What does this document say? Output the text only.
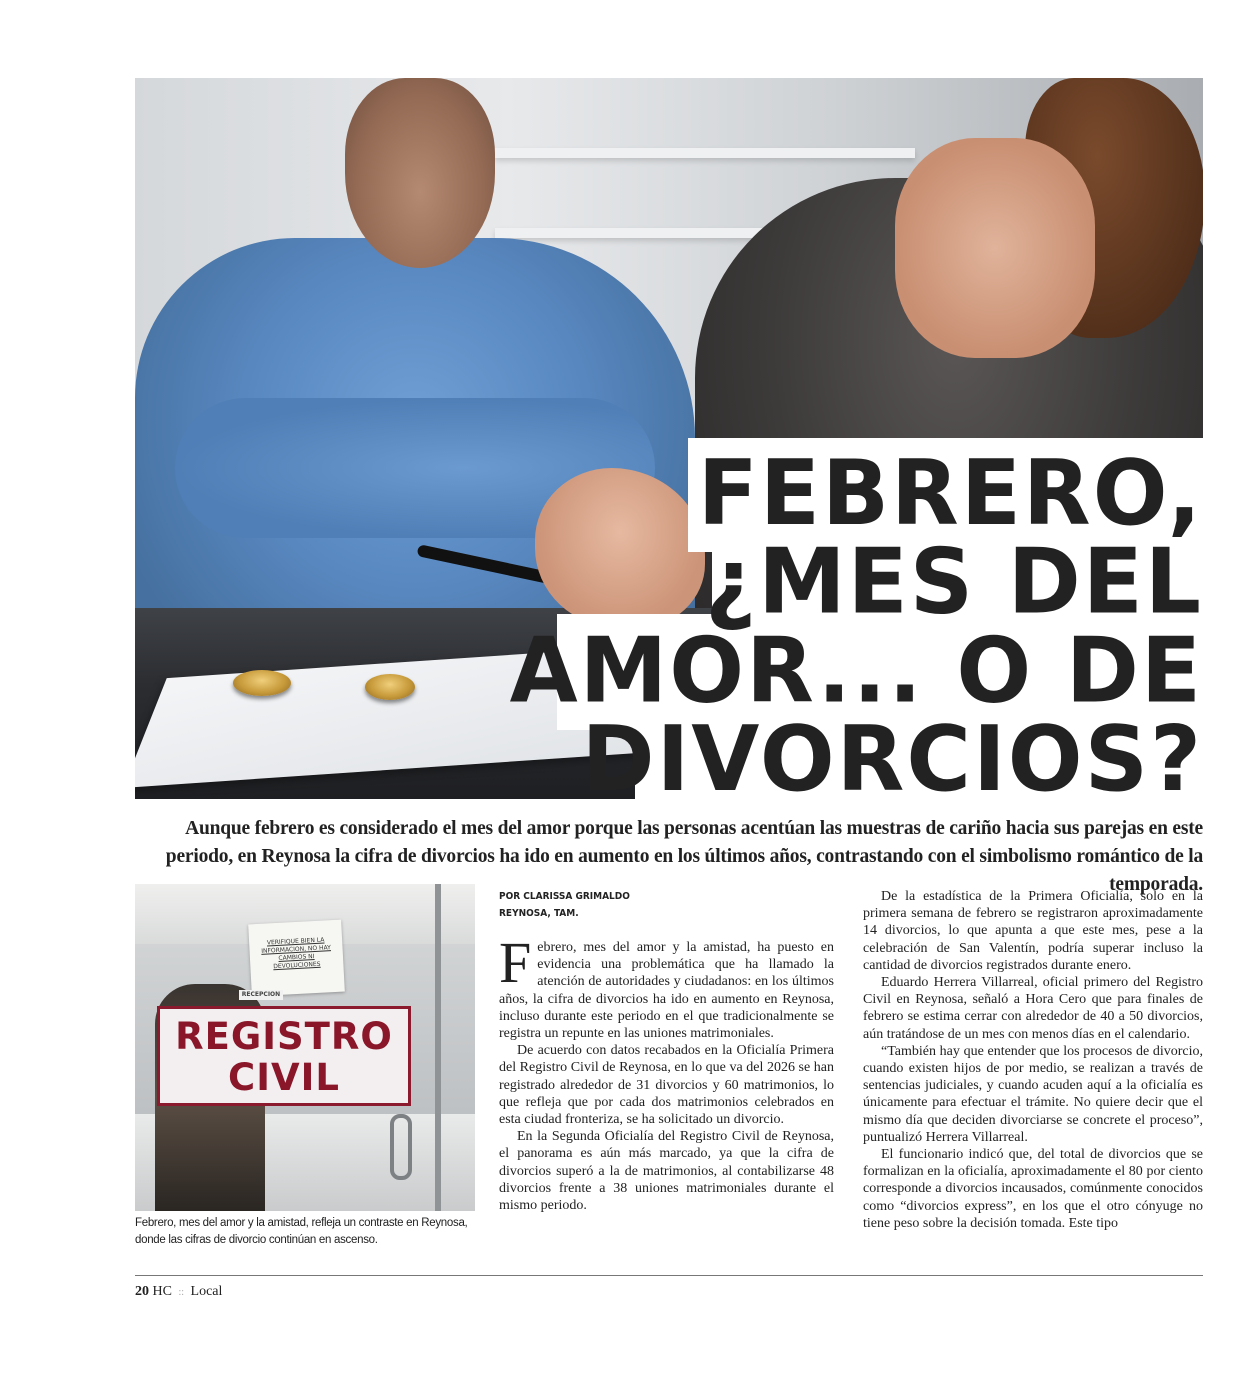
FEBRERO,
¿MES DEL
AMOR... O DE
DIVORCIOS?

Aunque febrero es considerado el mes del amor porque las personas acentúan las muestras de cariño hacia sus parejas en este periodo, en Reynosa la cifra de divorcios ha ido en aumento en los últimos años, contrastando con el simbolismo romántico de la temporada.

VERIFIQUE BIEN LA
INFORMACION, NO HAY
CAMBIOS NI
DEVOLUCIONES
RECEPCION
REGISTRO
CIVIL

Febrero, mes del amor y la amistad, refleja un contraste en Reynosa, donde las cifras de divorcio continúan en ascenso.

POR CLARISSA GRIMALDO
REYNOSA, TAM.

Febrero, mes del amor y la amistad, ha puesto en evidencia una problemática que ha llamado la atención de autoridades y ciudadanos: en los últimos años, la cifra de divorcios ha ido en aumento en Reynosa, incluso durante este periodo en el que tradicionalmente se registra un repunte en las uniones matrimoniales.

De acuerdo con datos recabados en la Oficialía Primera del Registro Civil de Reynosa, en lo que va del 2026 se han registrado alrededor de 31 divorcios y 60 matrimonios, lo que refleja que por cada dos matrimonios celebrados en esta ciudad fronteriza, se ha solicitado un divorcio.

En la Segunda Oficialía del Registro Civil de Reynosa, el panorama es aún más marcado, ya que la cifra de divorcios superó a la de matrimonios, al contabilizarse 48 divorcios frente a 38 uniones matrimoniales durante el mismo periodo.

De la estadística de la Primera Oficialía, solo en la primera semana de febrero se registraron aproximadamente 14 divorcios, lo que apunta a que este mes, pese a la celebración de San Valentín, podría superar incluso la cantidad de divorcios registrados durante enero.

Eduardo Herrera Villarreal, oficial primero del Registro Civil en Reynosa, señaló a Hora Cero que para finales de febrero se estima cerrar con alrededor de 40 a 50 divorcios, aún tratándose de un mes con menos días en el calendario.

“También hay que entender que los procesos de divorcio, cuando existen hijos de por medio, se realizan a través de sentencias judiciales, y cuando acuden aquí a la oficialía es únicamente para efectuar el trámite. No quiere decir que el mismo día que deciden divorciarse se concrete el proceso”, puntualizó Herrera Villarreal.

El funcionario indicó que, del total de divorcios que se formalizan en la oficialía, aproximadamente el 80 por ciento corresponde a divorcios incausados, comúnmente conocidos como “divorcios express”, en los que el otro cónyuge no tiene peso sobre la decisión tomada. Este tipo

20 HC :: Local
